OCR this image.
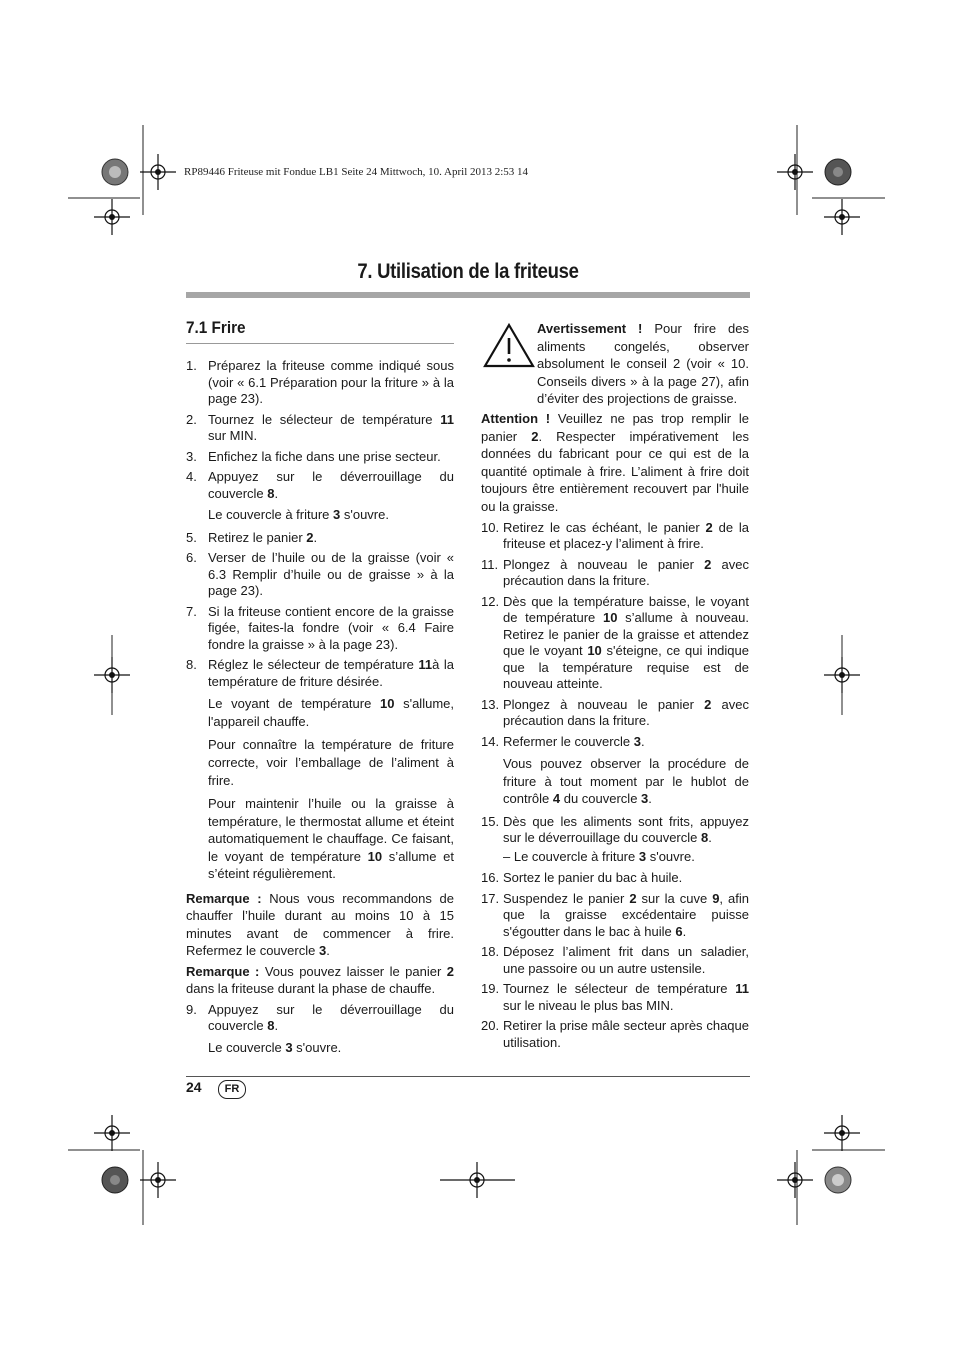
RP89446 Friteuse mit Fondue LB1 Seite 24 Mittwoch, 10. April 2013 2:53 14
7. Utilisation de la friteuse
7.1 Frire
1. Préparez la friteuse comme indiqué sous (voir « 6.1 Préparation pour la friture » à la page 23).
2. Tournez le sélecteur de température 11 sur MIN.
3. Enfichez la fiche dans une prise secteur.
4. Appuyez sur le déverrouillage du couvercle 8.
Le couvercle à friture 3 s'ouvre.
5. Retirez le panier 2.
6. Verser de l’huile ou de la graisse (voir « 6.3 Remplir d’huile ou de graisse » à la page 23).
7. Si la friteuse contient encore de la graisse figée, faites-la fondre (voir « 6.4 Faire fondre la graisse » à la page 23).
8. Réglez le sélecteur de température 11à la température de friture désirée.
Le voyant de température 10 s'allume, l'appareil chauffe.
Pour connaître la température de friture correcte, voir l’emballage de l’aliment à frire.
Pour maintenir l’huile ou la graisse à température, le thermostat allume et éteint automatiquement le chauffage. Ce faisant, le voyant de température 10 s’allume et s’éteint régulièrement.
Remarque : Nous vous recommandons de chauffer l’huile durant au moins 10 à 15 minutes avant de commencer à frire. Refermez le couvercle 3.
Remarque : Vous pouvez laisser le panier 2 dans la friteuse durant la phase de chauffe.
9. Appuyez sur le déverrouillage du couvercle 8.
Le couvercle 3 s'ouvre.

Avertissement ! Pour frire des aliments congelés, observer absolument le conseil 2 (voir « 10. Conseils divers » à la page 27), afin d’éviter des projections de graisse.

Attention ! Veuillez ne pas trop remplir le panier 2. Respecter impérativement les données du fabricant pour ce qui est de la quantité optimale à frire. L’aliment à frire doit toujours être entièrement recouvert par l'huile ou la graisse.

10. Retirez le cas échéant, le panier 2 de la friteuse et placez-y l’aliment à frire.
11. Plongez à nouveau le panier 2 avec précaution dans la friture.
12. Dès que la température baisse, le voyant de température 10 s’allume à nouveau. Retirez le panier de la graisse et attendez que le voyant 10 s'éteigne, ce qui indique que la température requise est de nouveau atteinte.
13. Plongez à nouveau le panier 2 avec précaution dans la friture.
14. Refermer le couvercle 3.
Vous pouvez observer la procédure de friture à tout moment par le hublot de contrôle 4 du couvercle 3.
15. Dès que les aliments sont frits, appuyez sur le déverrouillage du couvercle 8.
– Le couvercle à friture 3 s'ouvre.
16. Sortez le panier du bac à huile.
17. Suspendez le panier 2 sur la cuve 9, afin que la graisse excédentaire puisse s'égoutter dans le bac à huile 6.
18. Déposez l’aliment frit dans un saladier, une passoire ou un autre ustensile.
19. Tournez le sélecteur de température 11 sur le niveau le plus bas MIN.
20. Retirer la prise mâle secteur après chaque utilisation.
24	FR
